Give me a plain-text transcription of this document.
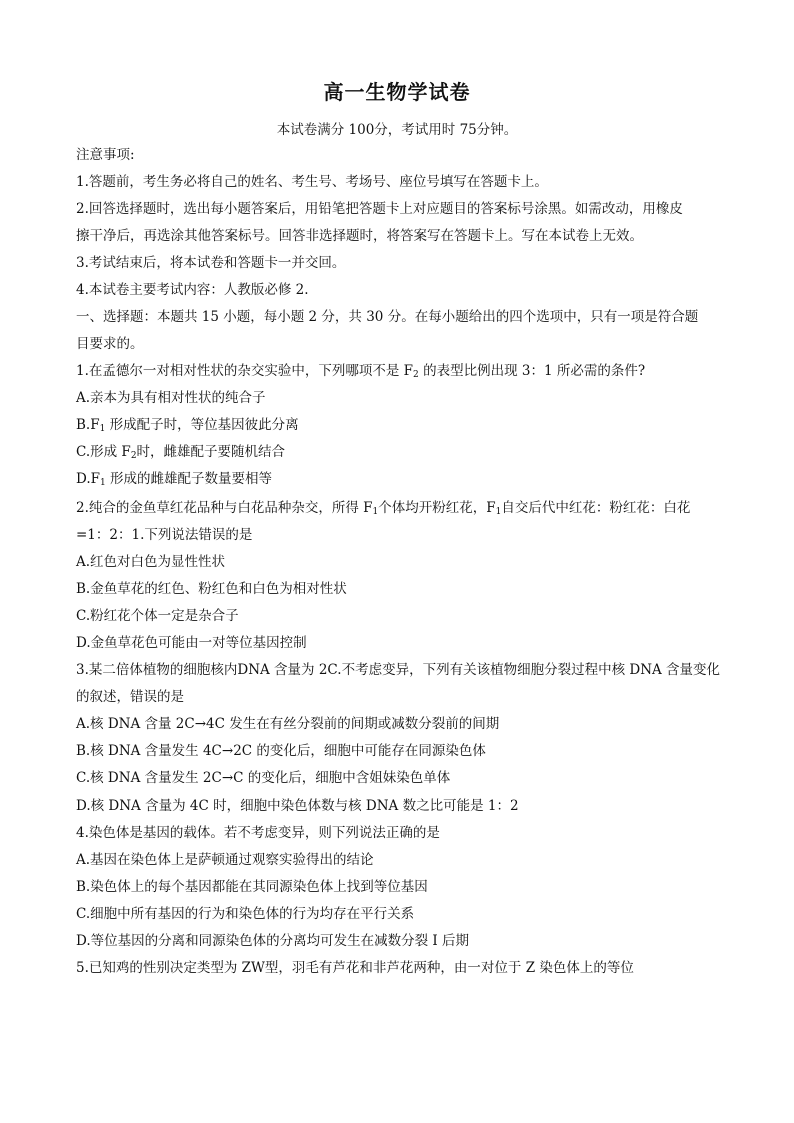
高一生物学试卷
本试卷满分 100分，考试用时 75分钟。
注意事项:
1.答题前，考生务必将自己的姓名、考生号、考场号、座位号填写在答题卡上。
2.回答选择题时，选出每小题答案后，用铅笔把答题卡上对应题目的答案标号涂黑。如需改动，用橡皮
擦干净后，再选涂其他答案标号。回答非选择题时，将答案写在答题卡上。写在本试卷上无效。
3.考试结束后，将本试卷和答题卡一并交回。
4.本试卷主要考试内容：人教版必修 2.
一、选择题：本题共 15 小题，每小题 2 分，共 30 分。在每小题给出的四个选项中，只有一项是符合题
目要求的。
1.在孟德尔一对相对性状的杂交实验中，下列哪项不是 $F_2$ 的表型比例出现 3：1 所必需的条件?
A.亲本为具有相对性状的纯合子
$B.F_1$ 形成配子时，等位基因彼此分离
C.形成 $F_2$时，雌雄配子要随机结合
$D.F_1$ 形成的雌雄配子数量要相等
2.纯合的金鱼草红花品种与白花品种杂交，所得 $F_1$个体均开粉红花，$F_1$自交后代中红花：粉红花：白花
=1：2：1.下列说法错误的是
A.红色对白色为显性性状
B.金鱼草花的红色、粉红色和白色为相对性状
C.粉红花个体一定是杂合子
D.金鱼草花色可能由一对等位基因控制
3.某二倍体植物的细胞核内DNA 含量为 2C.不考虑变异，下列有关该植物细胞分裂过程中核 DNA 含量变化
的叙述，错误的是
A.核 DNA 含量 2C→4C 发生在有丝分裂前的间期或减数分裂前的间期
B.核 DNA 含量发生 4C→2C 的变化后，细胞中可能存在同源染色体
C.核 DNA 含量发生 2C→C 的变化后，细胞中含姐妹染色单体
D.核 DNA 含量为 4C 时，细胞中染色体数与核 DNA 数之比可能是 1：2
4.染色体是基因的载体。若不考虑变异，则下列说法正确的是
A.基因在染色体上是萨顿通过观察实验得出的结论
B.染色体上的每个基因都能在其同源染色体上找到等位基因
C.细胞中所有基因的行为和染色体的行为均存在平行关系
D.等位基因的分离和同源染色体的分离均可发生在减数分裂 I 后期
5.已知鸡的性别决定类型为 ZW型，羽毛有芦花和非芦花两种，由一对位于 Z 染色体上的等位
